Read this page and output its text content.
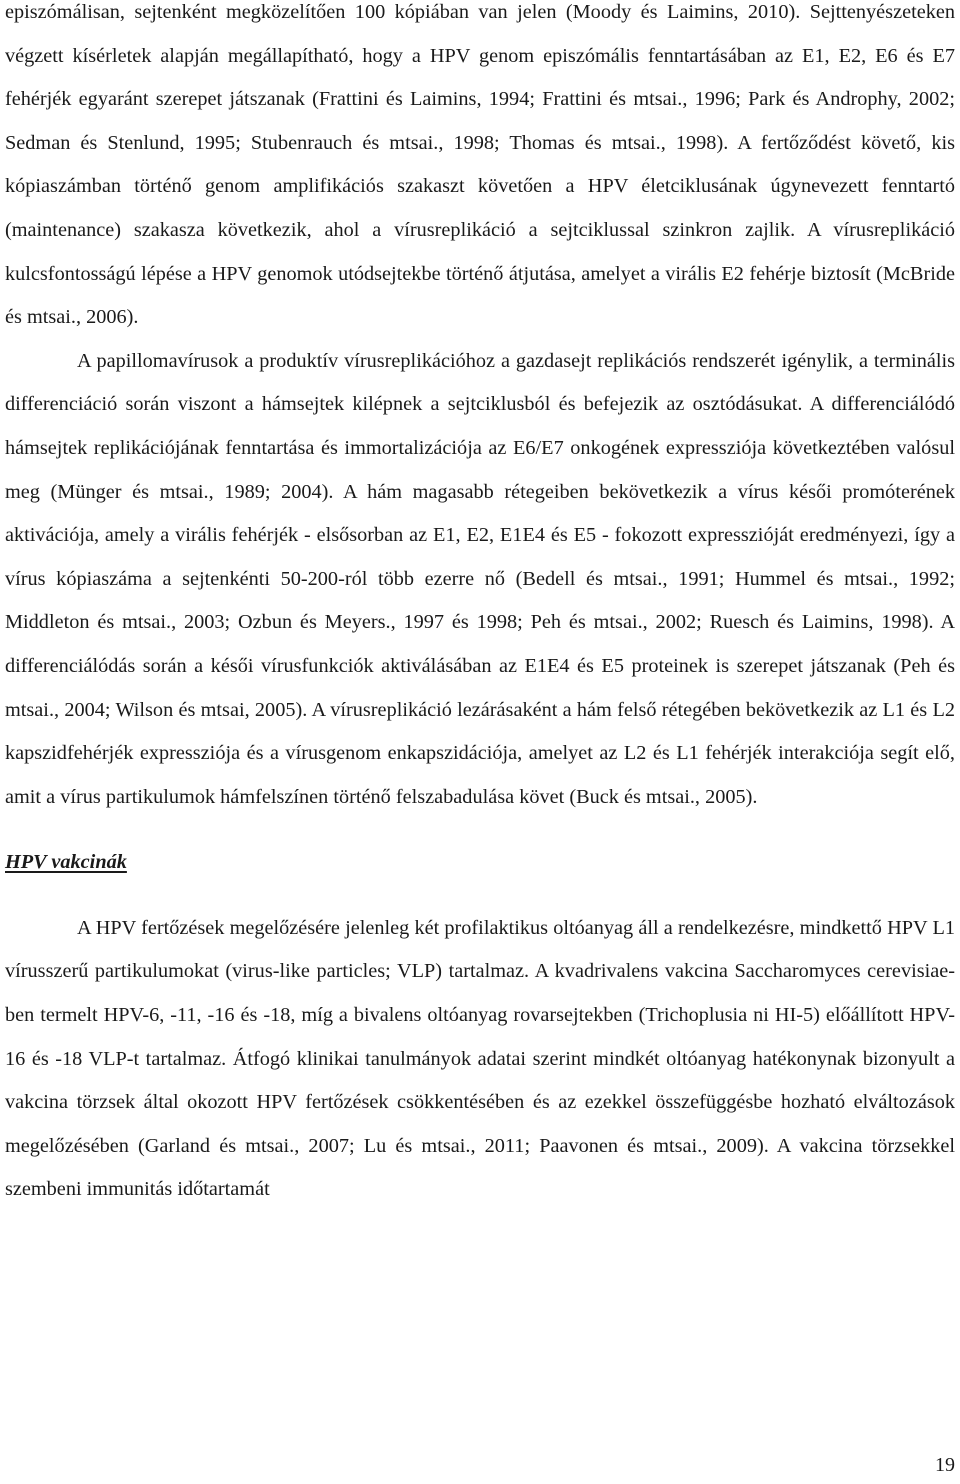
episzómálisan, sejtenként megközelítően 100 kópiában van jelen (Moody és Laimins, 2010). Sejttenyészeteken végzett kísérletek alapján megállapítható, hogy a HPV genom episzómális fenntartásában az E1, E2, E6 és E7 fehérjék egyaránt szerepet játszanak (Frattini és Laimins, 1994; Frattini és mtsai., 1996; Park és Androphy, 2002; Sedman és Stenlund, 1995; Stubenrauch és mtsai., 1998; Thomas és mtsai., 1998). A fertőződést követő, kis kópiaszámban történő genom amplifikációs szakaszt követően a HPV életciklusának úgynevezett fenntartó (maintenance) szakasza következik, ahol a vírusreplikáció a sejtciklussal szinkron zajlik. A vírusreplikáció kulcsfontosságú lépése a HPV genomok utódsejtekbe történő átjutása, amelyet a virális E2 fehérje biztosít (McBride és mtsai., 2006).

A papillomavírusok a produktív vírusreplikációhoz a gazdasejt replikációs rendszerét igénylik, a terminális differenciáció során viszont a hámsejtek kilépnek a sejtciklusból és befejezik az osztódásukat. A differenciálódó hámsejtek replikációjának fenntartása és immortalizációja az E6/E7 onkogének expressziója következtében valósul meg (Münger és mtsai., 1989; 2004). A hám magasabb rétegeiben bekövetkezik a vírus késői promóterének aktivációja, amely a virális fehérjék - elsősorban az E1, E2, E1E4 és E5 - fokozott expresszióját eredményezi, így a vírus kópiaszáma a sejtenkénti 50-200-ról több ezerre nő (Bedell és mtsai., 1991; Hummel és mtsai., 1992; Middleton és mtsai., 2003; Ozbun és Meyers., 1997 és 1998; Peh és mtsai., 2002; Ruesch és Laimins, 1998). A differenciálódás során a késői vírusfunkciók aktiválásában az E1E4 és E5 proteinek is szerepet játszanak (Peh és mtsai., 2004; Wilson és mtsai, 2005). A vírusreplikáció lezárásaként a hám felső rétegében bekövetkezik az L1 és L2 kapszidfehérjék expressziója és a vírusgenom enkapszidációja, amelyet az L2 és L1 fehérjék interakciója segít elő, amit a vírus partikulumok hámfelszínen történő felszabadulása követ (Buck és mtsai., 2005).

HPV vakcinák

A HPV fertőzések megelőzésére jelenleg két profilaktikus oltóanyag áll a rendelkezésre, mindkettő HPV L1 vírusszerű partikulumokat (virus-like particles; VLP) tartalmaz. A kvadrivalens vakcina Saccharomyces cerevisiae-ben termelt HPV-6, -11, -16 és -18, míg a bivalens oltóanyag rovarsejtekben (Trichoplusia ni HI-5) előállított HPV-16 és -18 VLP-t tartalmaz. Átfogó klinikai tanulmányok adatai szerint mindkét oltóanyag hatékonynak bizonyult a vakcina törzsek által okozott HPV fertőzések csökkentésében és az ezekkel összefüggésbe hozható elváltozások megelőzésében (Garland és mtsai., 2007; Lu és mtsai., 2011; Paavonen és mtsai., 2009). A vakcina törzsekkel szembeni immunitás időtartamát

19
